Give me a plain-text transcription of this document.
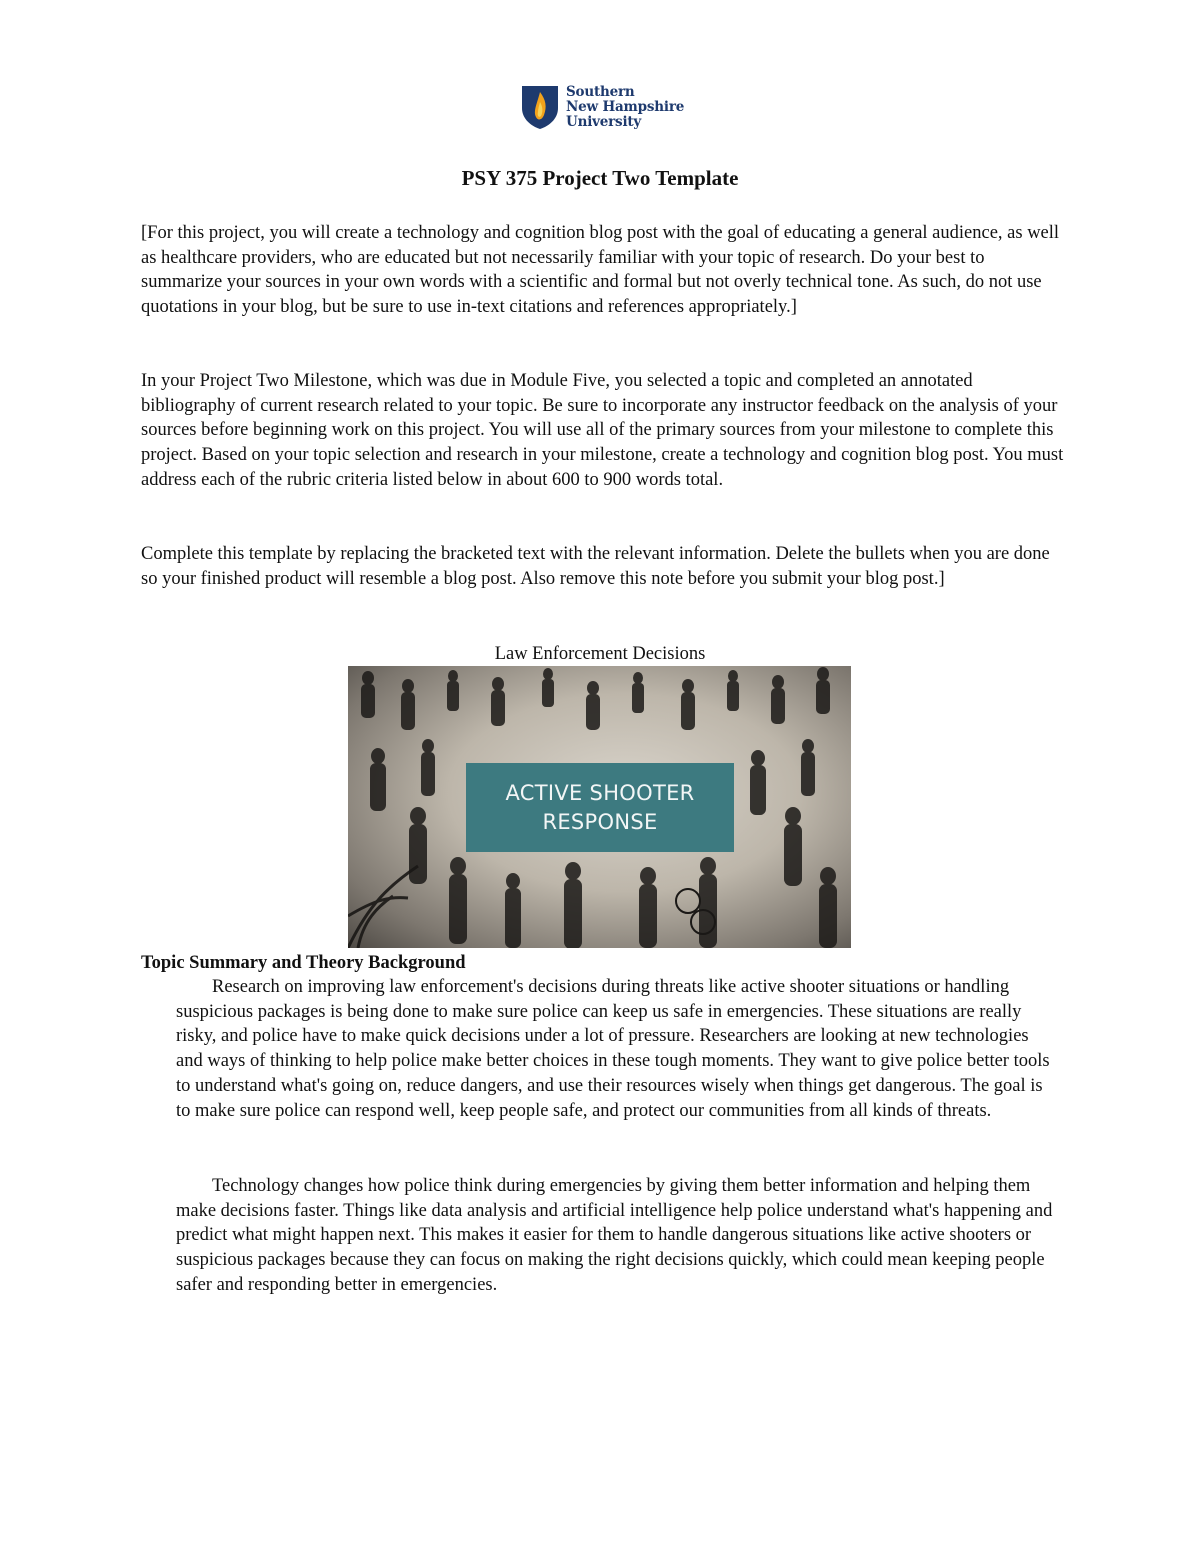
Southern
New Hampshire
University
PSY 375 Project Two Template

[For this project, you will create a technology and cognition blog post with the goal of educating a general audience, as well as healthcare providers, who are educated but not necessarily familiar with your topic of research. Do your best to summarize your sources in your own words with a scientific and formal but not overly technical tone. As such, do not use quotations in your blog, but be sure to use in-text citations and references appropriately.]

In your Project Two Milestone, which was due in Module Five, you selected a topic and completed an annotated bibliography of current research related to your topic. Be sure to incorporate any instructor feedback on the analysis of your sources before beginning work on this project. You will use all of the primary sources from your milestone to complete this project. Based on your topic selection and research in your milestone, create a technology and cognition blog post. You must address each of the rubric criteria listed below in about 600 to 900 words total.

Complete this template by replacing the bracketed text with the relevant information. Delete the bullets when you are done so your finished product will resemble a blog post. Also remove this note before you submit your blog post.]

Law Enforcement Decisions
ACTIVE SHOOTER
RESPONSE
Topic Summary and Theory Background

Research on improving law enforcement's decisions during threats like active shooter situations or handling suspicious packages is being done to make sure police can keep us safe in emergencies. These situations are really risky, and police have to make quick decisions under a lot of pressure. Researchers are looking at new technologies and ways of thinking to help police make better choices in these tough moments. They want to give police better tools to understand what's going on, reduce dangers, and use their resources wisely when things get dangerous. The goal is to make sure police can respond well, keep people safe, and protect our communities from all kinds of threats.

Technology changes how police think during emergencies by giving them better information and helping them make decisions faster. Things like data analysis and artificial intelligence help police understand what's happening and predict what might happen next. This makes it easier for them to handle dangerous situations like active shooters or suspicious packages because they can focus on making the right decisions quickly, which could mean keeping people safer and responding better in emergencies.
